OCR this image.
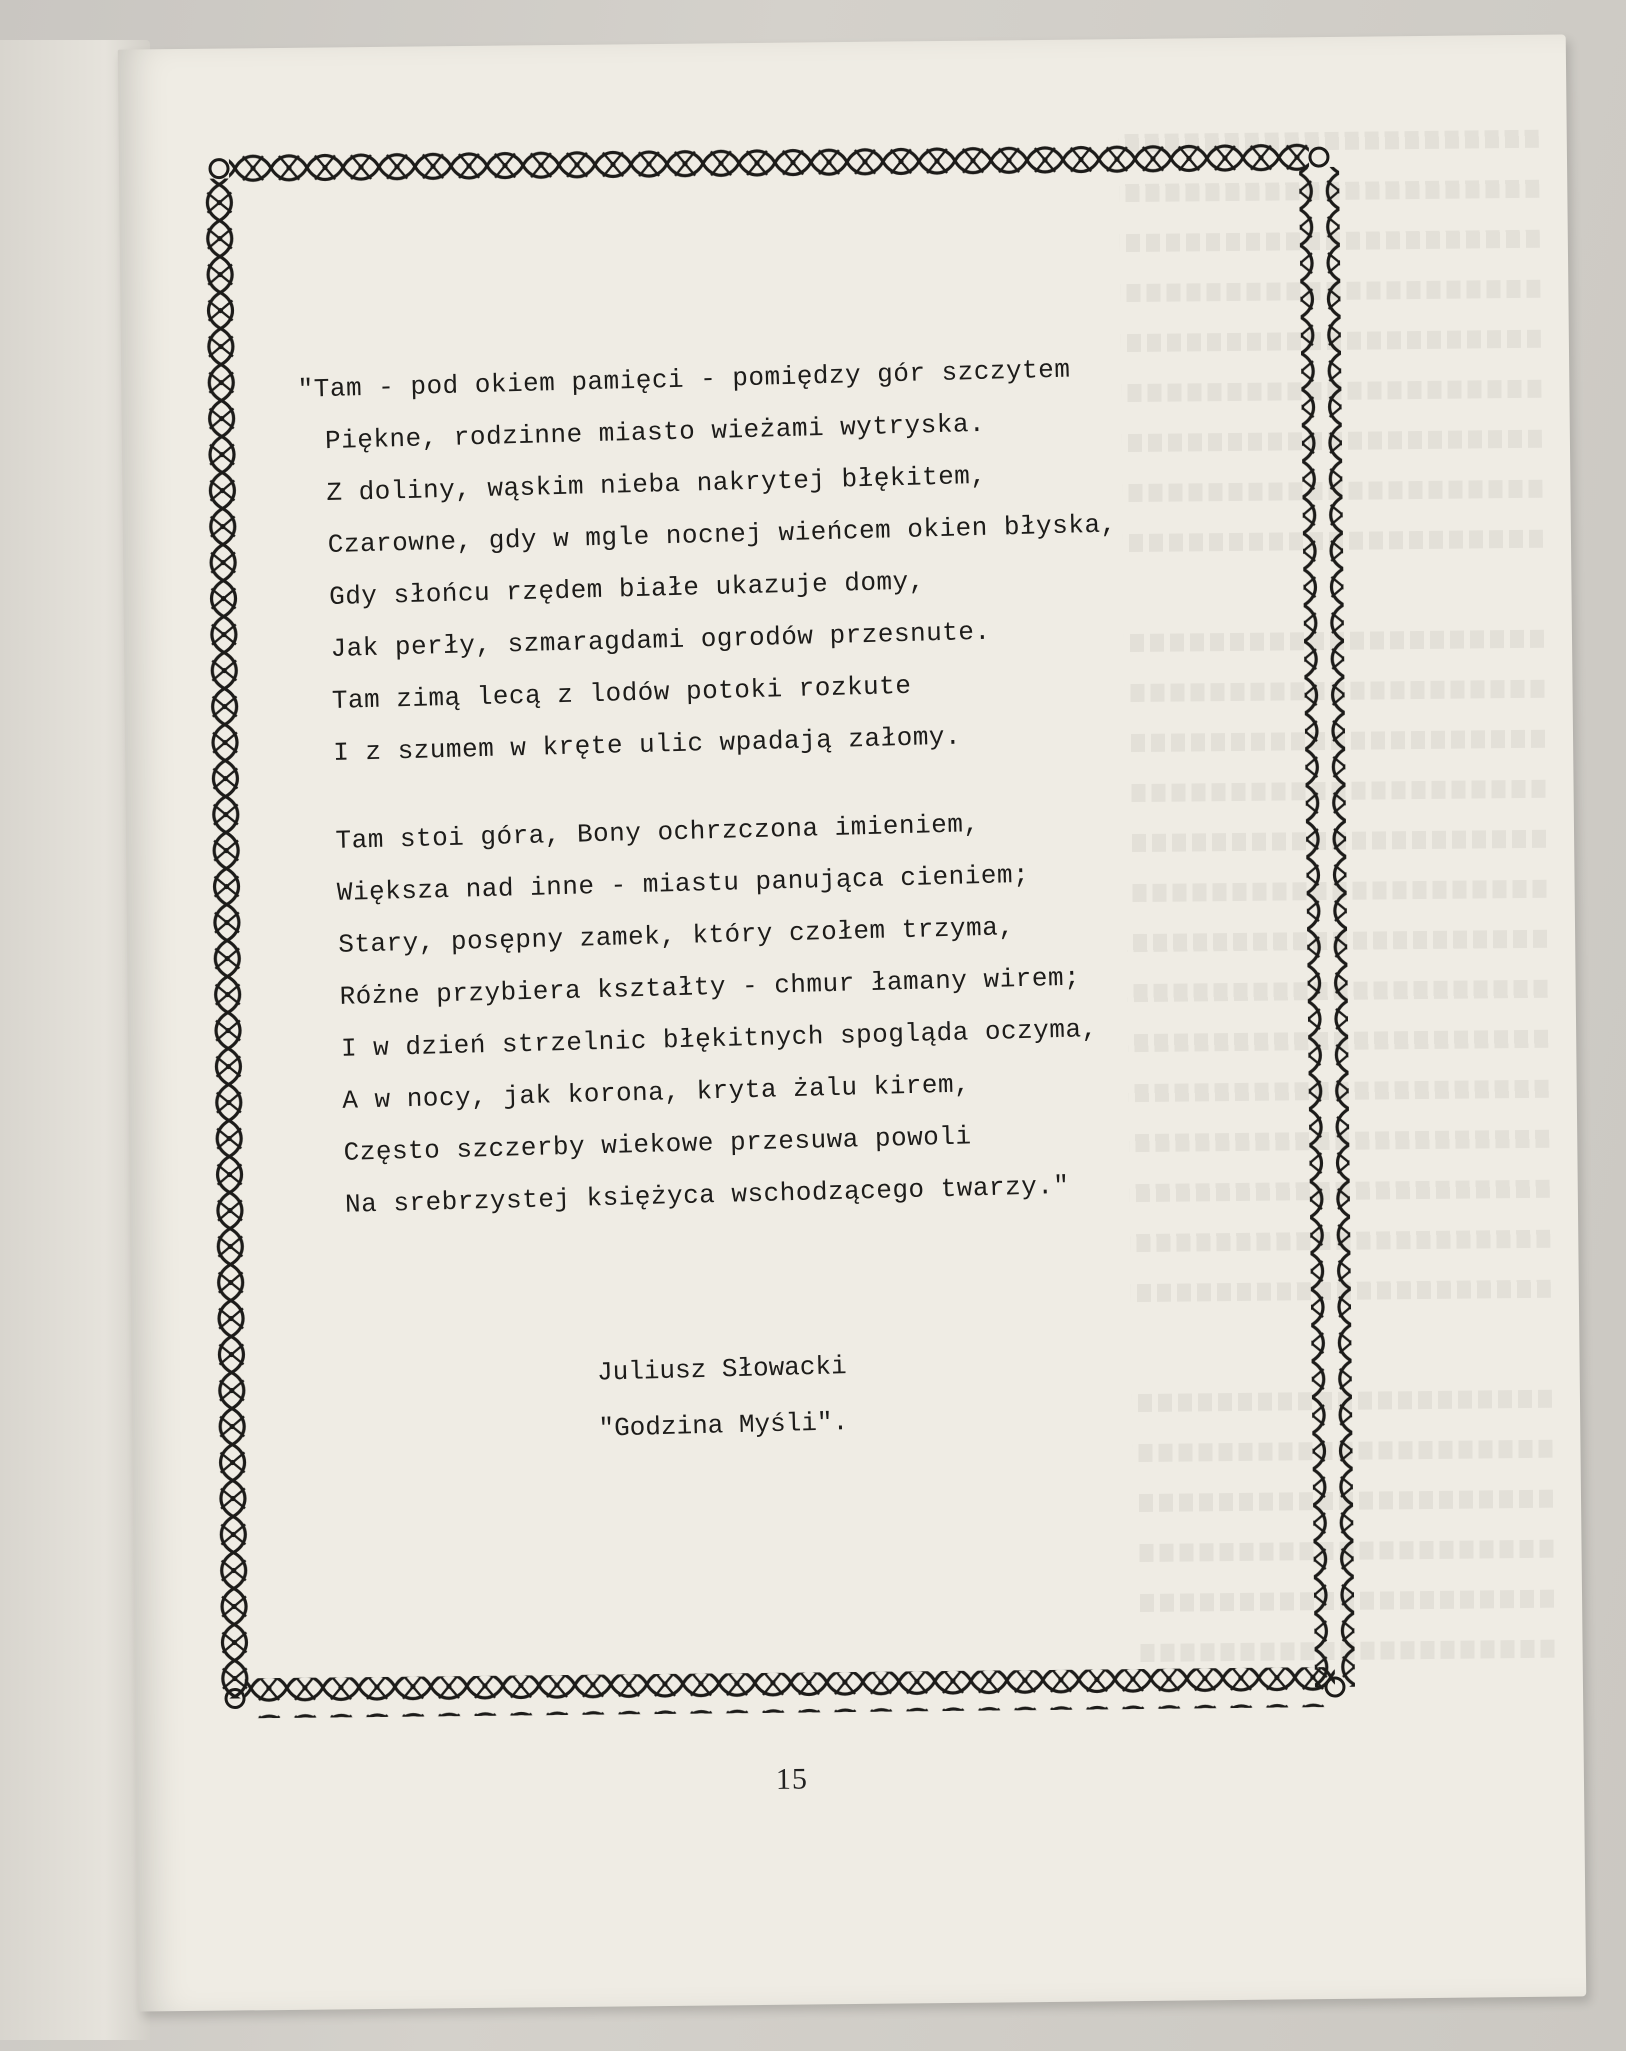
"Tam - pod okiem pamięci - pomiędzy gór szczytem
Piękne, rodzinne miasto wieżami wytryska.
Z doliny, wąskim nieba nakrytej błękitem,
Czarowne, gdy w mgle nocnej wieńcem okien błyska,
Gdy słońcu rzędem białe ukazuje domy,
Jak perły, szmaragdami ogrodów przesnute.
Tam zimą lecą z lodów potoki rozkute
I z szumem w kręte ulic wpadają załomy.
Tam stoi góra, Bony ochrzczona imieniem,
Większa nad inne - miastu panująca cieniem;
Stary, posępny zamek, który czołem trzyma,
Różne przybiera kształty - chmur łamany wirem;
I w dzień strzelnic błękitnych spogląda oczyma,
A w nocy, jak korona, kryta żalu kirem,
Często szczerby wiekowe przesuwa powoli
Na srebrzystej księżyca wschodzącego twarzy."
Juliusz Słowacki
"Godzina Myśli".
15
